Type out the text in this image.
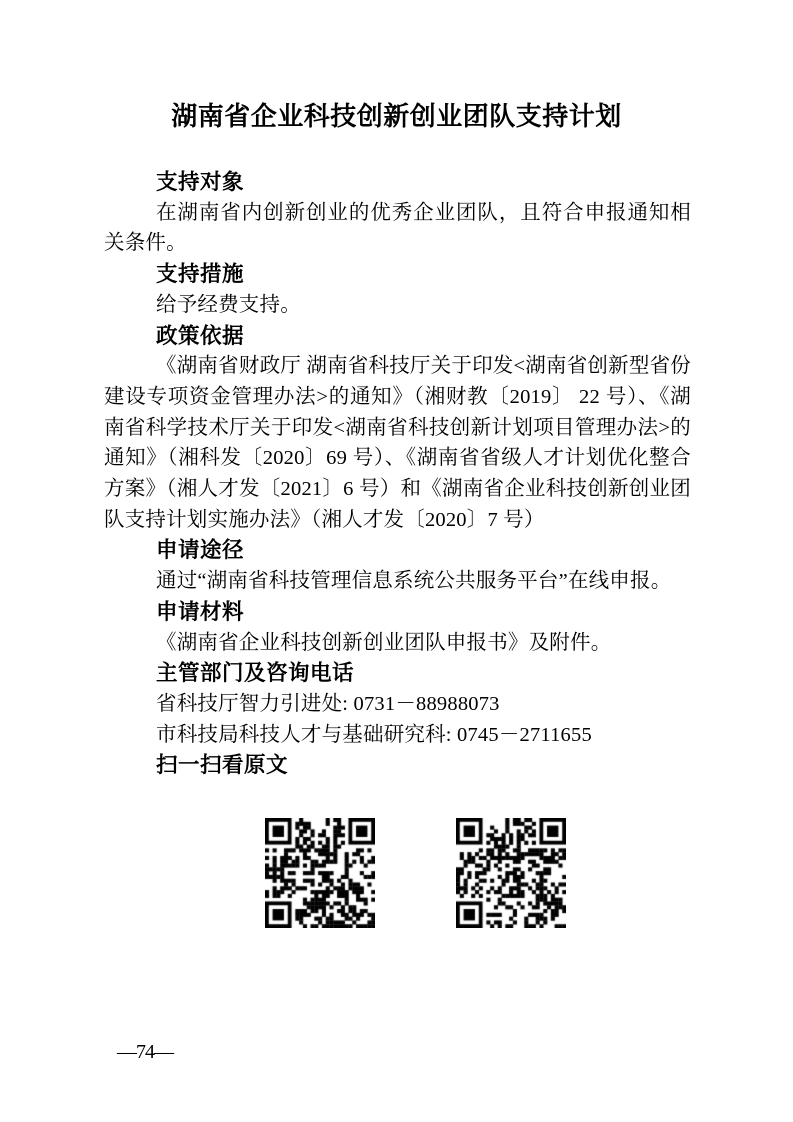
湖南省企业科技创新创业团队支持计划

支持对象

在湖南省内创新创业的优秀企业团队，且符合申报通知相关条件。

支持措施

给予经费支持。

政策依据

《湖南省财政厅 湖南省科技厅关于印发<湖南省创新型省份建设专项资金管理办法>的通知》（湘财教〔2019〕 22 号）、《湖南省科学技术厅关于印发<湖南省科技创新计划项目管理办法>的通知》（湘科发〔2020〕69 号）、《湖南省省级人才计划优化整合方案》（湘人才发〔2021〕6 号）和《湖南省企业科技创新创业团队支持计划实施办法》（湘人才发〔2020〕7 号）

申请途径

通过“湖南省科技管理信息系统公共服务平台”在线申报。

申请材料

《湖南省企业科技创新创业团队申报书》及附件。

主管部门及咨询电话

省科技厅智力引进处: 0731－88988073

市科技局科技人才与基础研究科: 0745－2711655

扫一扫看原文

—74—
